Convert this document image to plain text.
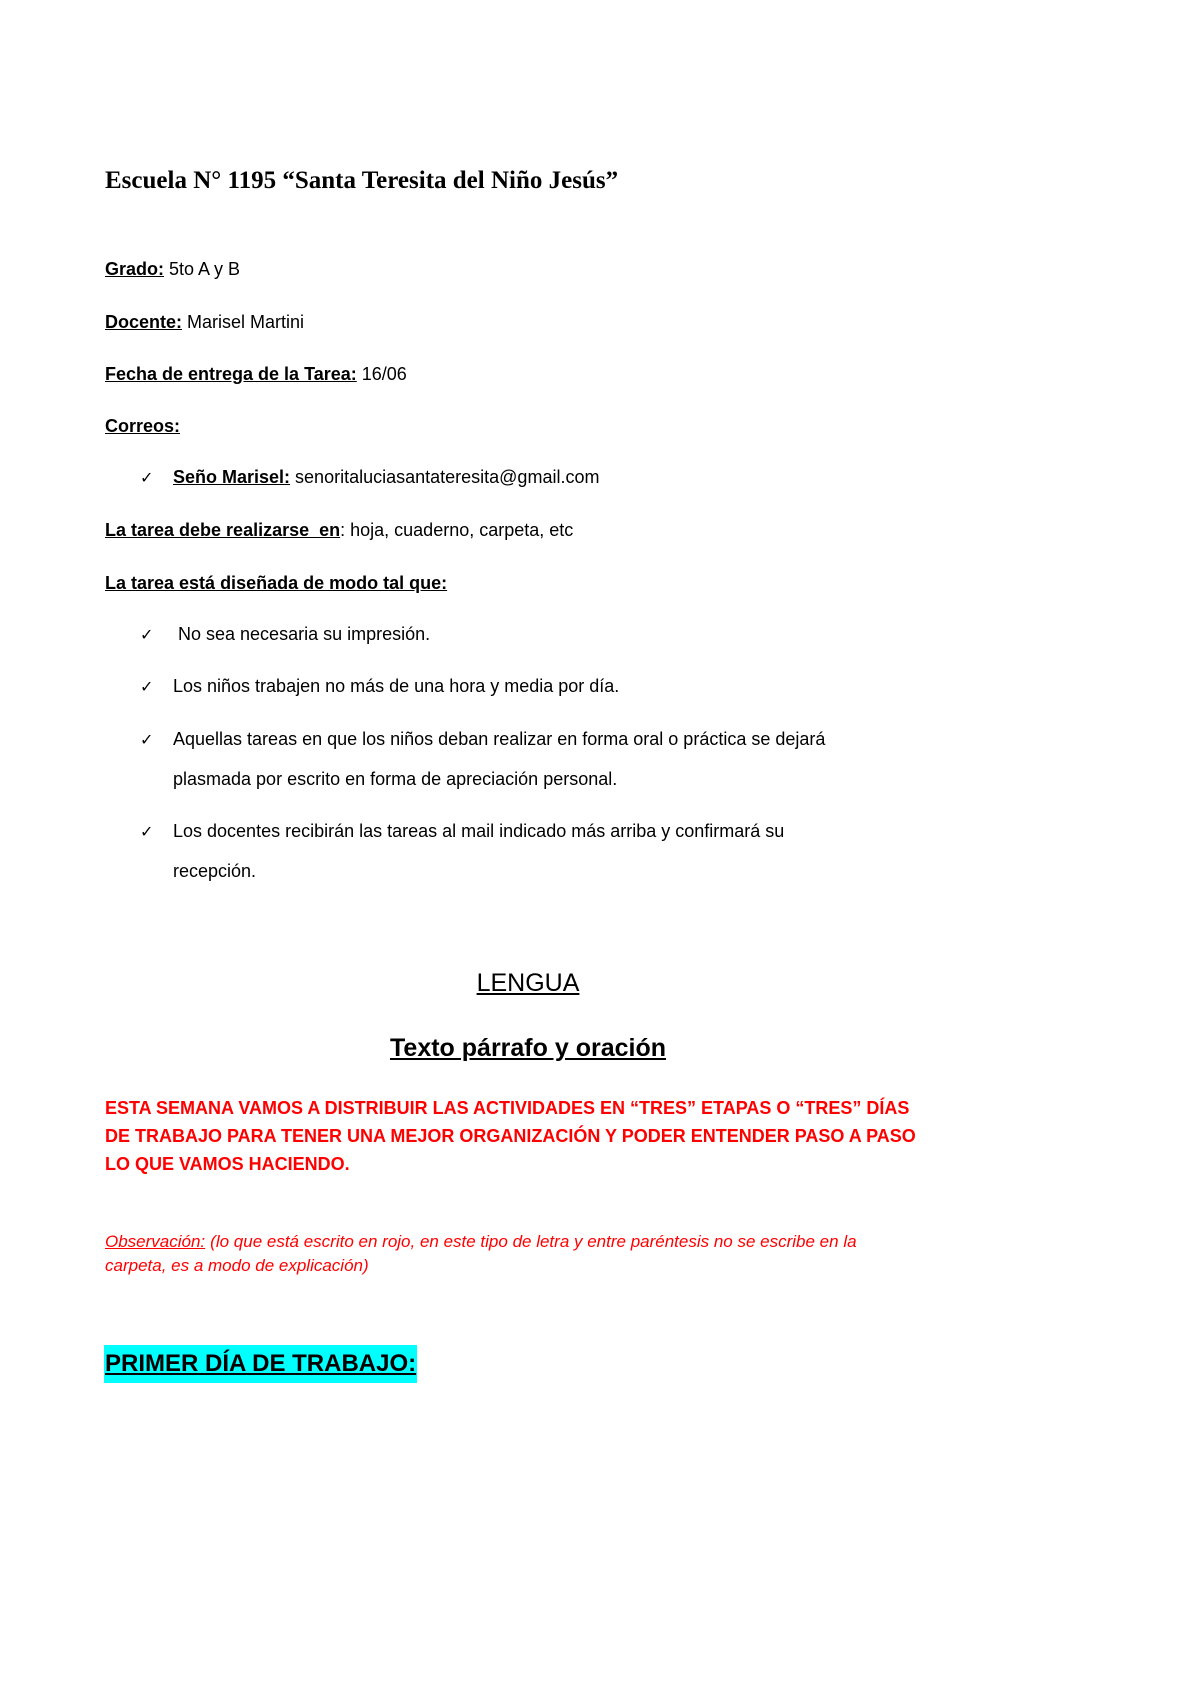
Escuela N° 1195 “Santa Teresita del Niño Jesús”
Grado: 5to A y B
Docente: Marisel Martini
Fecha de entrega de la Tarea: 16/06
Correos:
✓Seño Marisel: senoritaluciasantateresita@gmail.com
La tarea debe realizarse  en: hoja, cuaderno, carpeta, etc
La tarea está diseñada de modo tal que:
✓No sea necesaria su impresión.
✓Los niños trabajen no más de una hora y media por día.
✓Aquellas tareas en que los niños deban realizar en forma oral o práctica se dejará
plasmada por escrito en forma de apreciación personal.
✓Los docentes recibirán las tareas al mail indicado más arriba y confirmará su
recepción.
LENGUA
Texto párrafo y oración
ESTA SEMANA VAMOS A DISTRIBUIR LAS ACTIVIDADES EN “TRES” ETAPAS O “TRES” DÍAS
DE TRABAJO PARA TENER UNA MEJOR ORGANIZACIÓN Y PODER ENTENDER PASO A PASO
LO QUE VAMOS HACIENDO.
Observación: (lo que está escrito en rojo, en este tipo de letra y entre paréntesis no se escribe en la
carpeta, es a modo de explicación)
PRIMER DÍA DE TRABAJO:
